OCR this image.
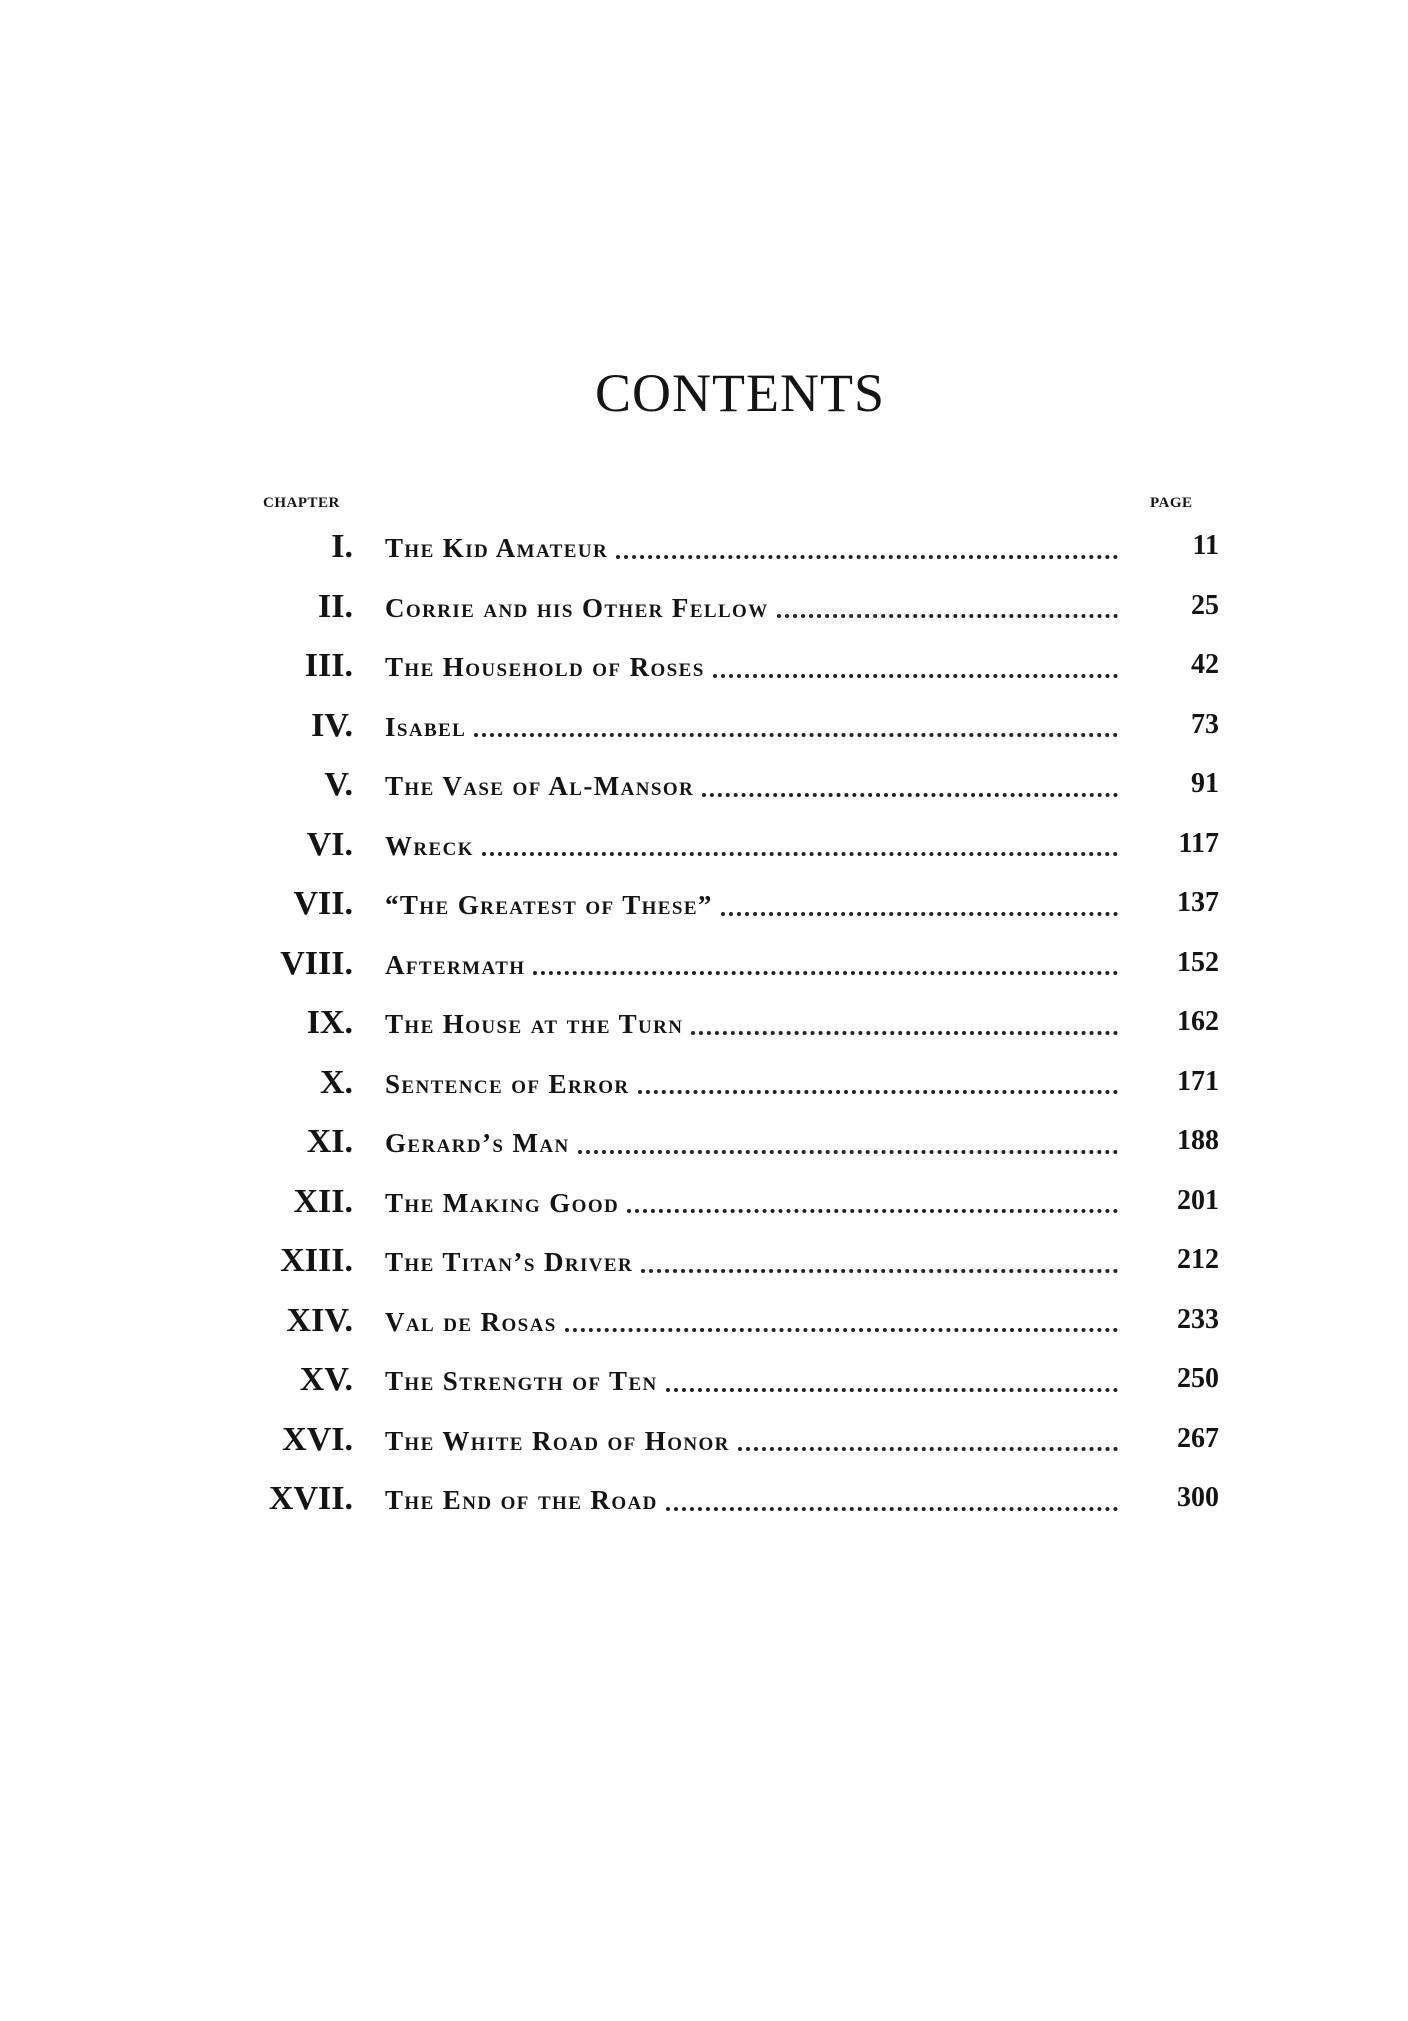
CONTENTS
CHAPTER	PAGE
I. The Kid Amateur	11
II. Corrie and his Other Fellow	25
III. The Household of Roses	42
IV. Isabel	73
V. The Vase of Al-Mansor	91
VI. Wreck	117
VII. “The Greatest of These”	137
VIII. Aftermath	152
IX. The House at the Turn	162
X. Sentence of Error	171
XI. Gerard’s Man	188
XII. The Making Good	201
XIII. The Titan’s Driver	212
XIV. Val de Rosas	233
XV. The Strength of Ten	250
XVI. The White Road of Honor	267
XVII. The End of the Road	300
